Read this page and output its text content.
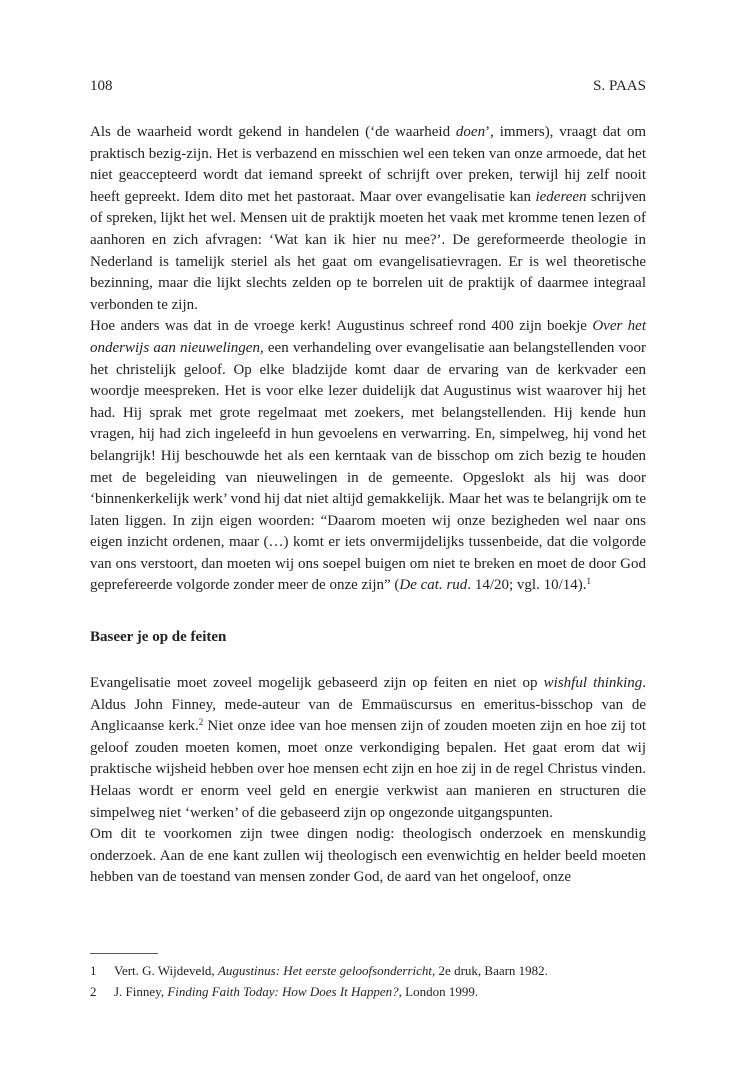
108	S. PAAS

Als de waarheid wordt gekend in handelen (‘de waarheid doen’, immers), vraagt dat om praktisch bezig-zijn. Het is verbazend en misschien wel een teken van onze armoede, dat het niet geaccepteerd wordt dat iemand spreekt of schrijft over preken, terwijl hij zelf nooit heeft gepreekt. Idem dito met het pastoraat. Maar over evangelisatie kan iedereen schrijven of spreken, lijkt het wel. Mensen uit de praktijk moeten het vaak met kromme tenen lezen of aanhoren en zich afvragen: ‘Wat kan ik hier nu mee?’. De gereformeerde theologie in Nederland is tamelijk steriel als het gaat om evangelisatievragen. Er is wel theoretische bezinning, maar die lijkt slechts zelden op te borrelen uit de praktijk of daarmee integraal verbonden te zijn.

Hoe anders was dat in de vroege kerk! Augustinus schreef rond 400 zijn boekje Over het onderwijs aan nieuwelingen, een verhandeling over evangelisatie aan belangstellenden voor het christelijk geloof. Op elke bladzijde komt daar de ervaring van de kerkvader een woordje meespreken. Het is voor elke lezer duidelijk dat Augustinus wist waarover hij het had. Hij sprak met grote regelmaat met zoekers, met belangstellenden. Hij kende hun vragen, hij had zich ingeleefd in hun gevoelens en verwarring. En, simpelweg, hij vond het belangrijk! Hij beschouwde het als een kerntaak van de bisschop om zich bezig te houden met de begeleiding van nieuwelingen in de gemeente. Opgeslokt als hij was door ‘binnenkerkelijk werk’ vond hij dat niet altijd gemakkelijk. Maar het was te belangrijk om te laten liggen. In zijn eigen woorden: “Daarom moeten wij onze bezigheden wel naar ons eigen inzicht ordenen, maar (…) komt er iets onvermijdelijks tussenbeide, dat die volgorde van ons verstoort, dan moeten wij ons soepel buigen om niet te breken en moet de door God geprefereerde volgorde zonder meer de onze zijn” (De cat. rud. 14/20; vgl. 10/14).$^1$

Baseer je op de feiten

Evangelisatie moet zoveel mogelijk gebaseerd zijn op feiten en niet op wishful thinking. Aldus John Finney, mede-auteur van de Emmaüscursus en emeritus-bisschop van de Anglicaanse kerk.$^2$ Niet onze idee van hoe mensen zijn of zouden moeten zijn en hoe zij tot geloof zouden moeten komen, moet onze verkondiging bepalen. Het gaat erom dat wij praktische wijsheid hebben over hoe mensen echt zijn en hoe zij in de regel Christus vinden. Helaas wordt er enorm veel geld en energie verkwist aan manieren en structuren die simpelweg niet ‘werken’ of die gebaseerd zijn op ongezonde uitgangspunten.

Om dit te voorkomen zijn twee dingen nodig: theologisch onderzoek en menskundig onderzoek. Aan de ene kant zullen wij theologisch een evenwichtig en helder beeld moeten hebben van de toestand van mensen zonder God, de aard van het ongeloof, onze

1	Vert. G. Wijdeveld, Augustinus: Het eerste geloofsonderricht, 2e druk, Baarn 1982.
2	J. Finney, Finding Faith Today: How Does It Happen?, London 1999.
